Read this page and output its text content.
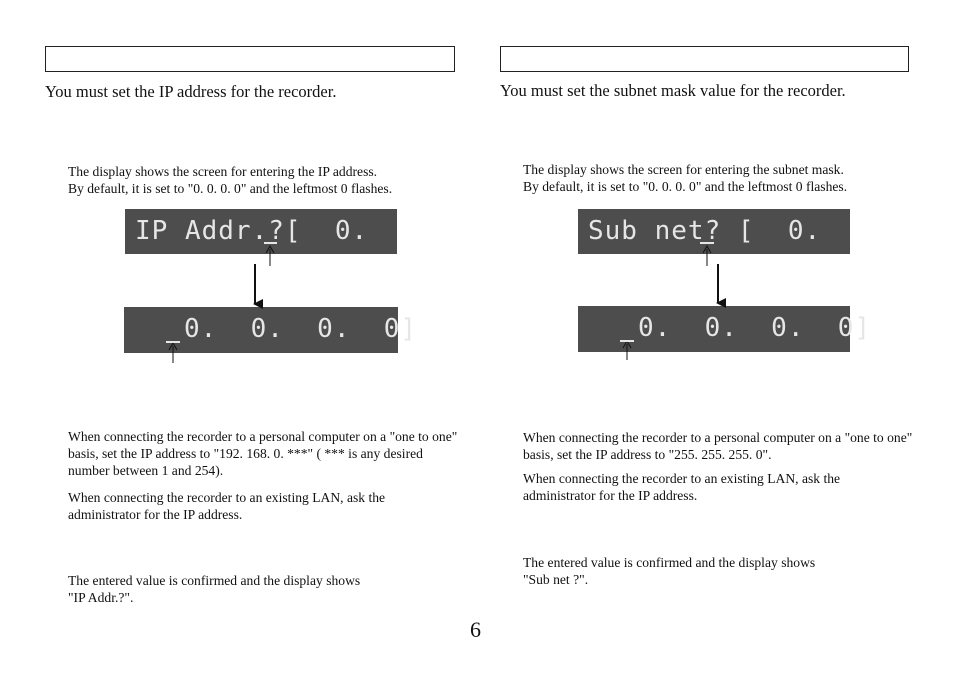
You must set the IP address for the recorder.
The display shows the screen for entering the IP address.
By default, it is set to "0. 0. 0. 0" and the leftmost 0 flashes.
IP Addr.?[  0.
0.  0.  0.  0]
When connecting the recorder to a personal computer on a "one to one" basis, set the IP address to "192. 168. 0. ***" ( *** is any desired number between 1 and 254).
When connecting the recorder to an existing LAN, ask the administrator for the IP address.
The entered value is confirmed and the display shows
"IP Addr.?".
You must set the subnet mask value for the recorder.
The display shows the screen for entering the subnet mask.
By default, it is set to "0. 0. 0. 0" and the leftmost 0 flashes.
Sub net? [  0.
0.  0.  0.  0]
When connecting the recorder to a personal computer on a "one to one" basis, set the IP address to "255. 255. 255. 0".
When connecting the recorder to an existing LAN, ask the administrator for the IP address.
The entered value is confirmed and the display shows
"Sub net ?".
6
